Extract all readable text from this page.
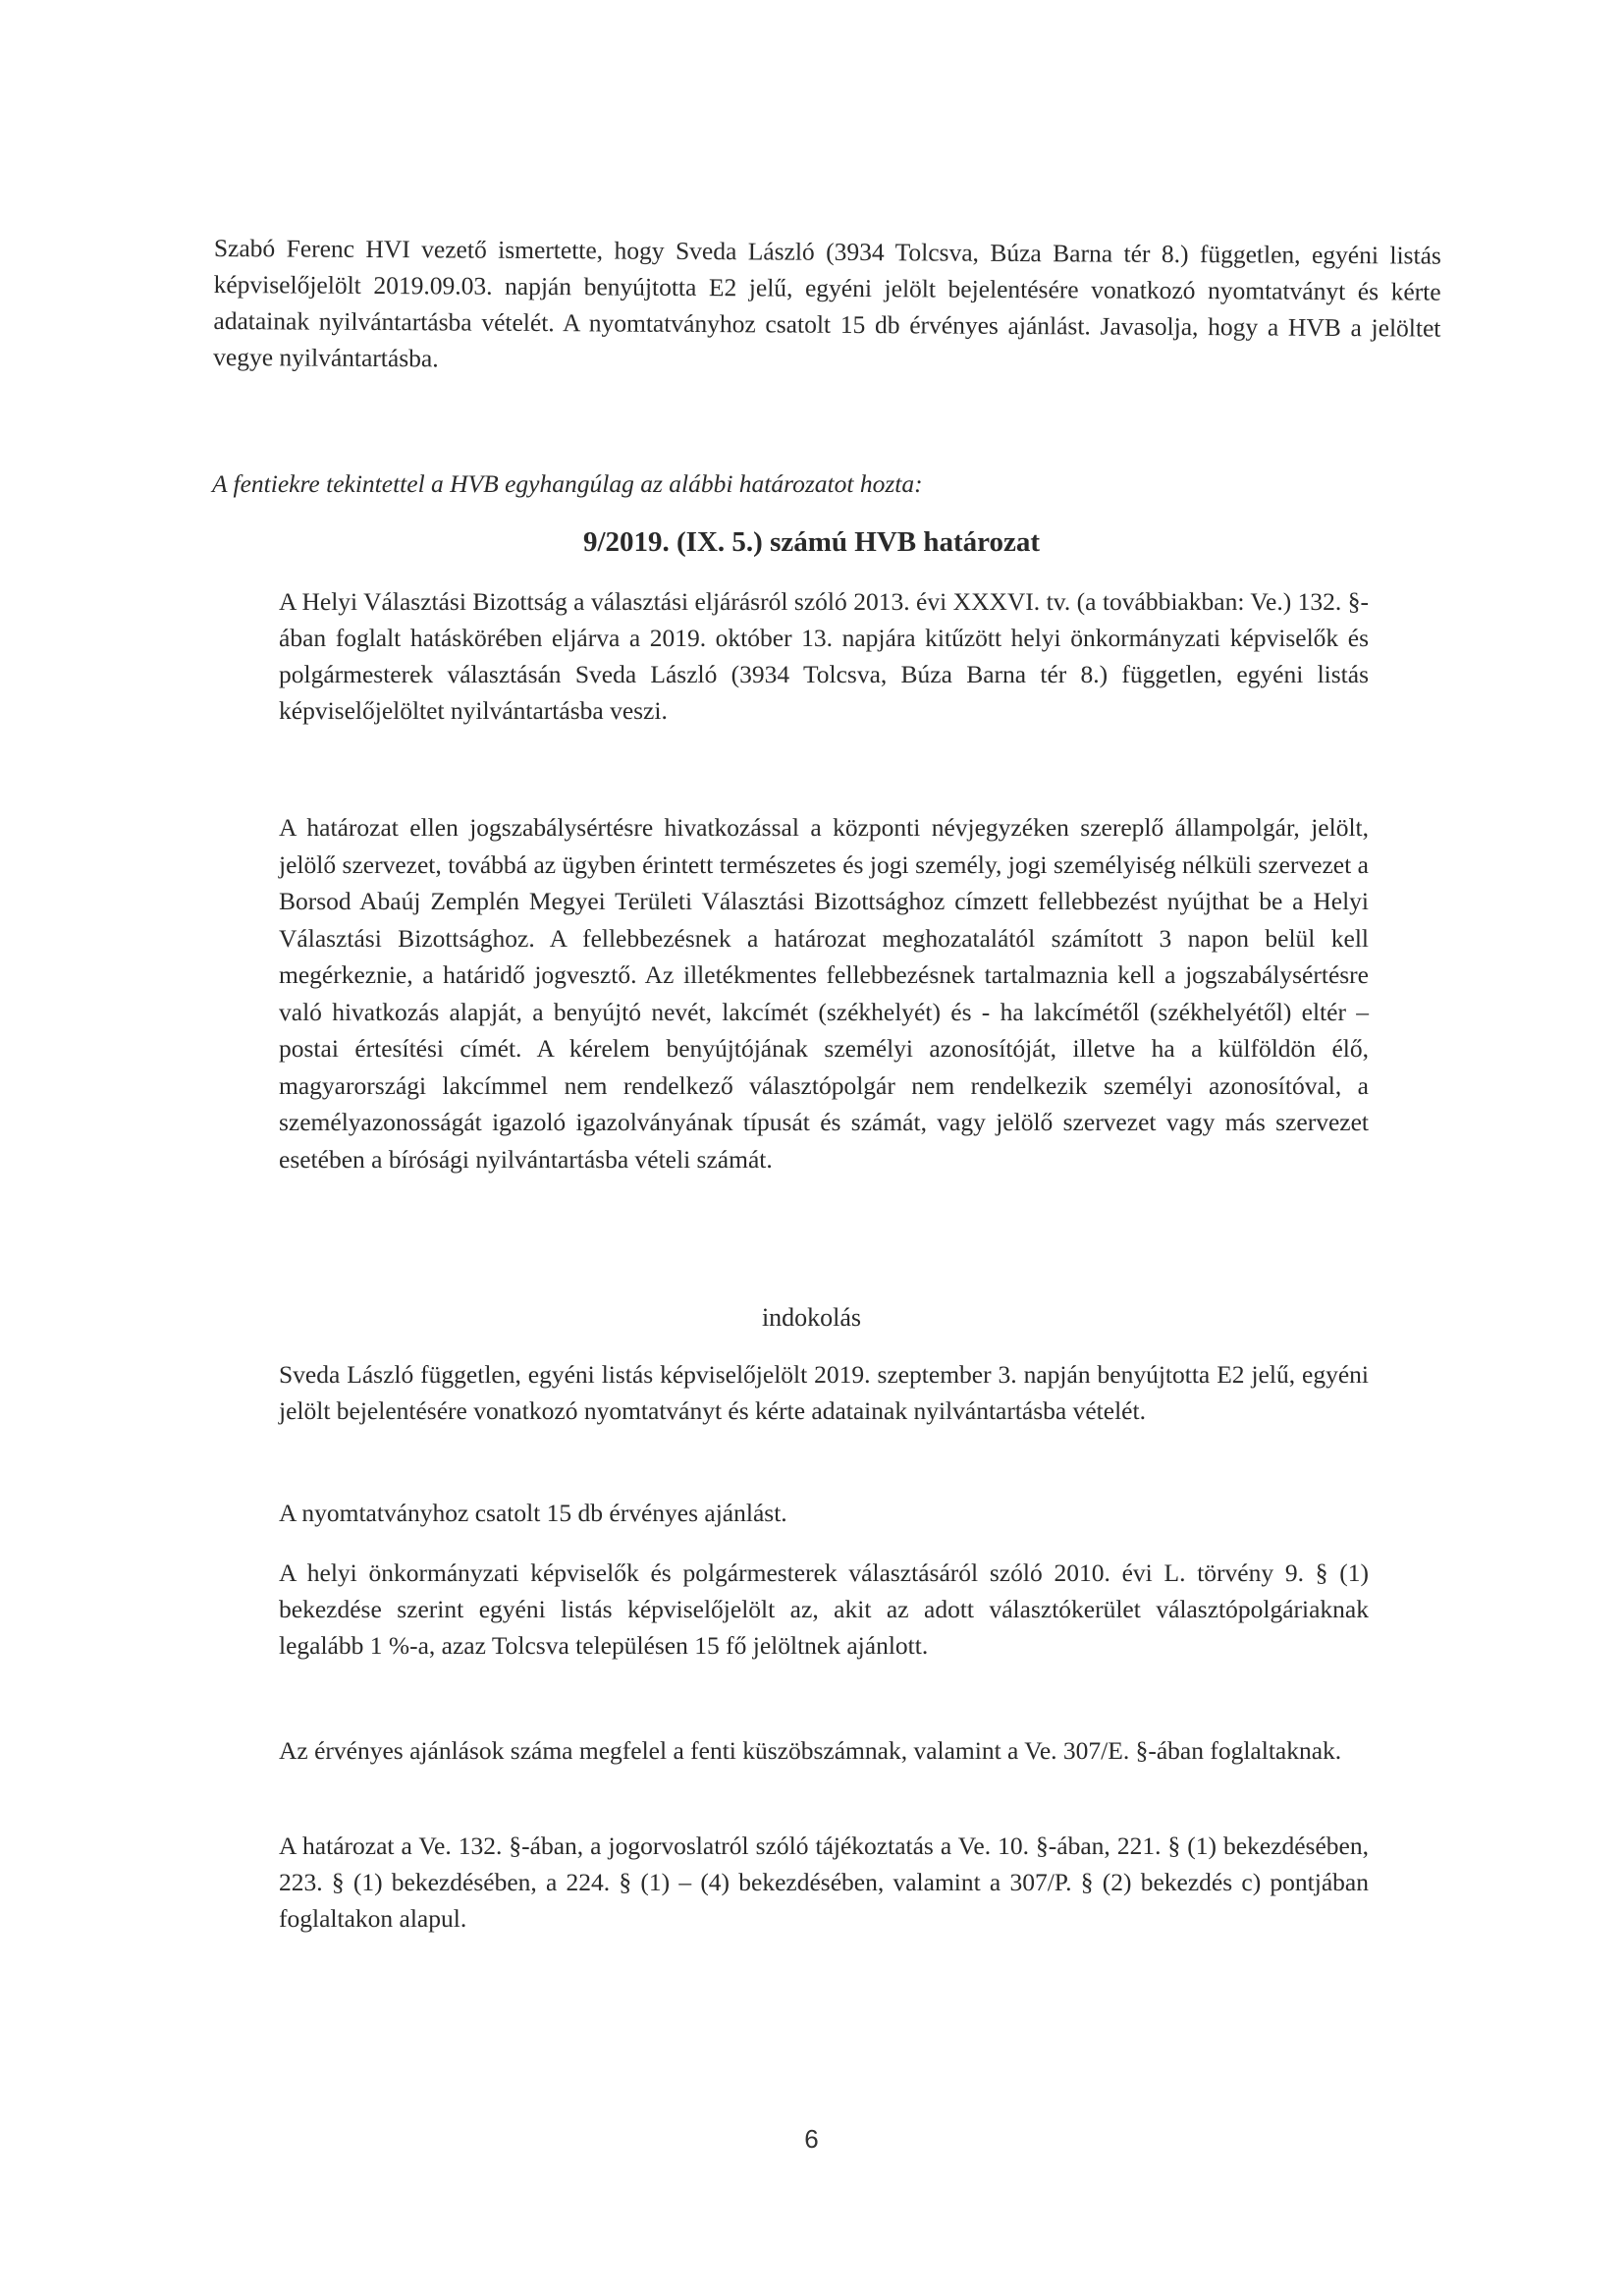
Szabó Ferenc HVI vezető ismertette, hogy Sveda László (3934 Tolcsva, Búza Barna tér 8.) független, egyéni listás képviselőjelölt 2019.09.03. napján benyújtotta E2 jelű, egyéni jelölt bejelentésére vonatkozó nyomtatványt és kérte adatainak nyilvántartásba vételét. A nyomtatványhoz csatolt 15 db érvényes ajánlást. Javasolja, hogy a HVB a jelöltet vegye nyilvántartásba.

A fentiekre tekintettel a HVB egyhangúlag az alábbi határozatot hozta:

9/2019. (IX. 5.) számú HVB határozat

A Helyi Választási Bizottság a választási eljárásról szóló 2013. évi XXXVI. tv. (a továbbiakban: Ve.) 132. §-ában foglalt hatáskörében eljárva a 2019. október 13. napjára kitűzött helyi önkormányzati képviselők és polgármesterek választásán Sveda László (3934 Tolcsva, Búza Barna tér 8.) független, egyéni listás képviselőjelöltet nyilvántartásba veszi.

A határozat ellen jogszabálysértésre hivatkozással a központi névjegyzéken szereplő állampolgár, jelölt, jelölő szervezet, továbbá az ügyben érintett természetes és jogi személy, jogi személyiség nélküli szervezet a Borsod Abaúj Zemplén Megyei Területi Választási Bizottsághoz címzett fellebbezést nyújthat be a Helyi Választási Bizottsághoz. A fellebbezésnek a határozat meghozatalától számított 3 napon belül kell megérkeznie, a határidő jogvesztő. Az illetékmentes fellebbezésnek tartalmaznia kell a jogszabálysértésre való hivatkozás alapját, a benyújtó nevét, lakcímét (székhelyét) és - ha lakcímétől (székhelyétől) eltér – postai értesítési címét. A kérelem benyújtójának személyi azonosítóját, illetve ha a külföldön élő, magyarországi lakcímmel nem rendelkező választópolgár nem rendelkezik személyi azonosítóval, a személyazonosságát igazoló igazolványának típusát és számát, vagy jelölő szervezet vagy más szervezet esetében a bírósági nyilvántartásba vételi számát.

indokolás

Sveda László független, egyéni listás képviselőjelölt 2019. szeptember 3. napján benyújtotta E2 jelű, egyéni jelölt bejelentésére vonatkozó nyomtatványt és kérte adatainak nyilvántartásba vételét.

A nyomtatványhoz csatolt 15 db érvényes ajánlást.

A helyi önkormányzati képviselők és polgármesterek választásáról szóló 2010. évi L. törvény 9. § (1) bekezdése szerint egyéni listás képviselőjelölt az, akit az adott választókerület választópolgáriaknak legalább 1 %-a, azaz Tolcsva településen 15 fő jelöltnek ajánlott.

Az érvényes ajánlások száma megfelel a fenti küszöbszámnak, valamint a Ve. 307/E. §-ában foglaltaknak.

A határozat a Ve. 132. §-ában, a jogorvoslatról szóló tájékoztatás a Ve. 10. §-ában, 221. § (1) bekezdésében, 223. § (1) bekezdésében, a 224. § (1) – (4) bekezdésében, valamint a 307/P. § (2) bekezdés c) pontjában foglaltakon alapul.

6
